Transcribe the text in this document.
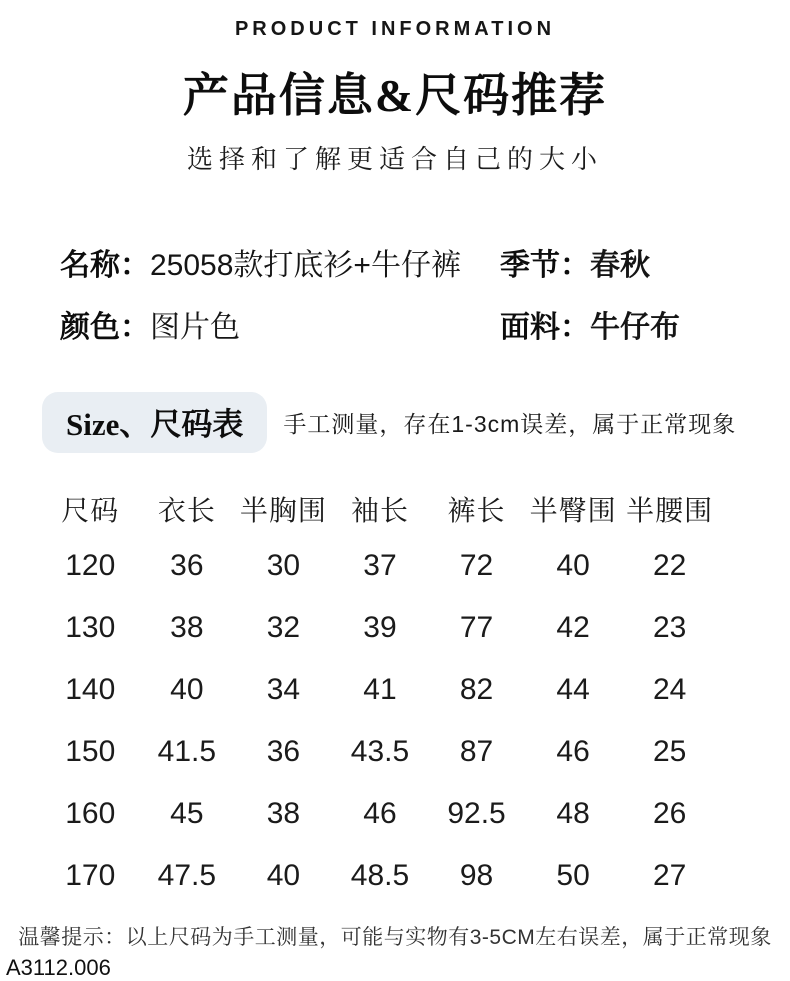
PRODUCT INFORMATION
产品信息&尺码推荐
选择和了解更适合自己的大小
名称：25058款打底衫+牛仔裤	季节：春秋
颜色：图片色	面料：牛仔布
Size、尺码表	手工测量，存在1-3cm误差，属于正常现象
尺码	衣长	半胸围	袖长	裤长	半臀围	半腰围
120	36	30	37	72	40	22
130	38	32	39	77	42	23
140	40	34	41	82	44	24
150	41.5	36	43.5	87	46	25
160	45	38	46	92.5	48	26
170	47.5	40	48.5	98	50	27
温馨提示：以上尺码为手工测量，可能与实物有3-5CM左右误差，属于正常现象
A3112.006
